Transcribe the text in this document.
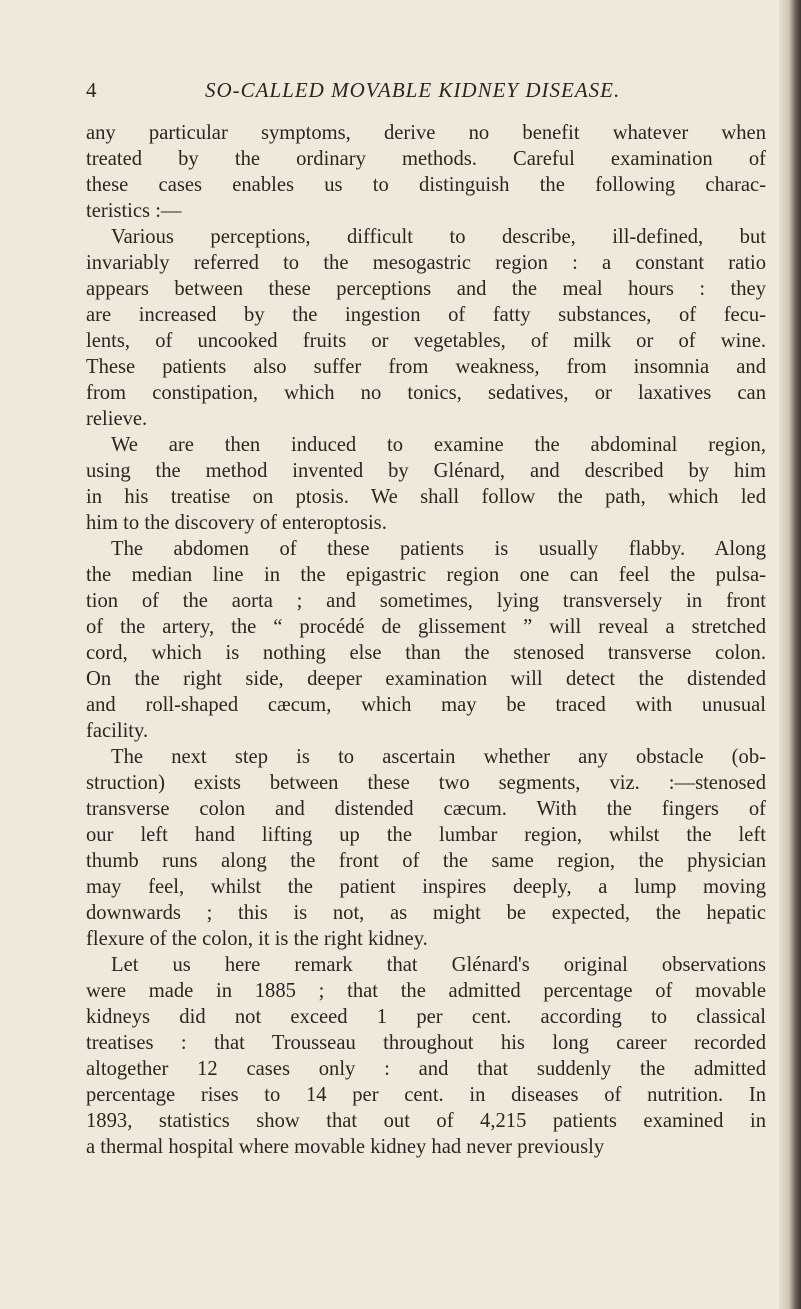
4	SO-CALLED MOVABLE KIDNEY DISEASE.
any particular symptoms, derive no benefit whatever when
treated by the ordinary methods. Careful examination of
these cases enables us to distinguish the following charac-
teristics :—
Various perceptions, difficult to describe, ill-defined, but
invariably referred to the mesogastric region : a constant ratio
appears between these perceptions and the meal hours : they
are increased by the ingestion of fatty substances, of fecu-
lents, of uncooked fruits or vegetables, of milk or of wine.
These patients also suffer from weakness, from insomnia and
from constipation, which no tonics, sedatives, or laxatives can
relieve.
We are then induced to examine the abdominal region,
using the method invented by Glénard, and described by him
in his treatise on ptosis. We shall follow the path, which led
him to the discovery of enteroptosis.
The abdomen of these patients is usually flabby. Along
the median line in the epigastric region one can feel the pulsa-
tion of the aorta ; and sometimes, lying transversely in front
of the artery, the “ procédé de glissement ” will reveal a stretched
cord, which is nothing else than the stenosed transverse colon.
On the right side, deeper examination will detect the distended
and roll-shaped cæcum, which may be traced with unusual
facility.
The next step is to ascertain whether any obstacle (ob-
struction) exists between these two segments, viz. :—stenosed
transverse colon and distended cæcum. With the fingers of
our left hand lifting up the lumbar region, whilst the left
thumb runs along the front of the same region, the physician
may feel, whilst the patient inspires deeply, a lump moving
downwards ; this is not, as might be expected, the hepatic
flexure of the colon, it is the right kidney.
Let us here remark that Glénard's original observations
were made in 1885 ; that the admitted percentage of movable
kidneys did not exceed 1 per cent. according to classical
treatises : that Trousseau throughout his long career recorded
altogether 12 cases only : and that suddenly the admitted
percentage rises to 14 per cent. in diseases of nutrition. In
1893, statistics show that out of 4,215 patients examined in
a thermal hospital where movable kidney had never previously
